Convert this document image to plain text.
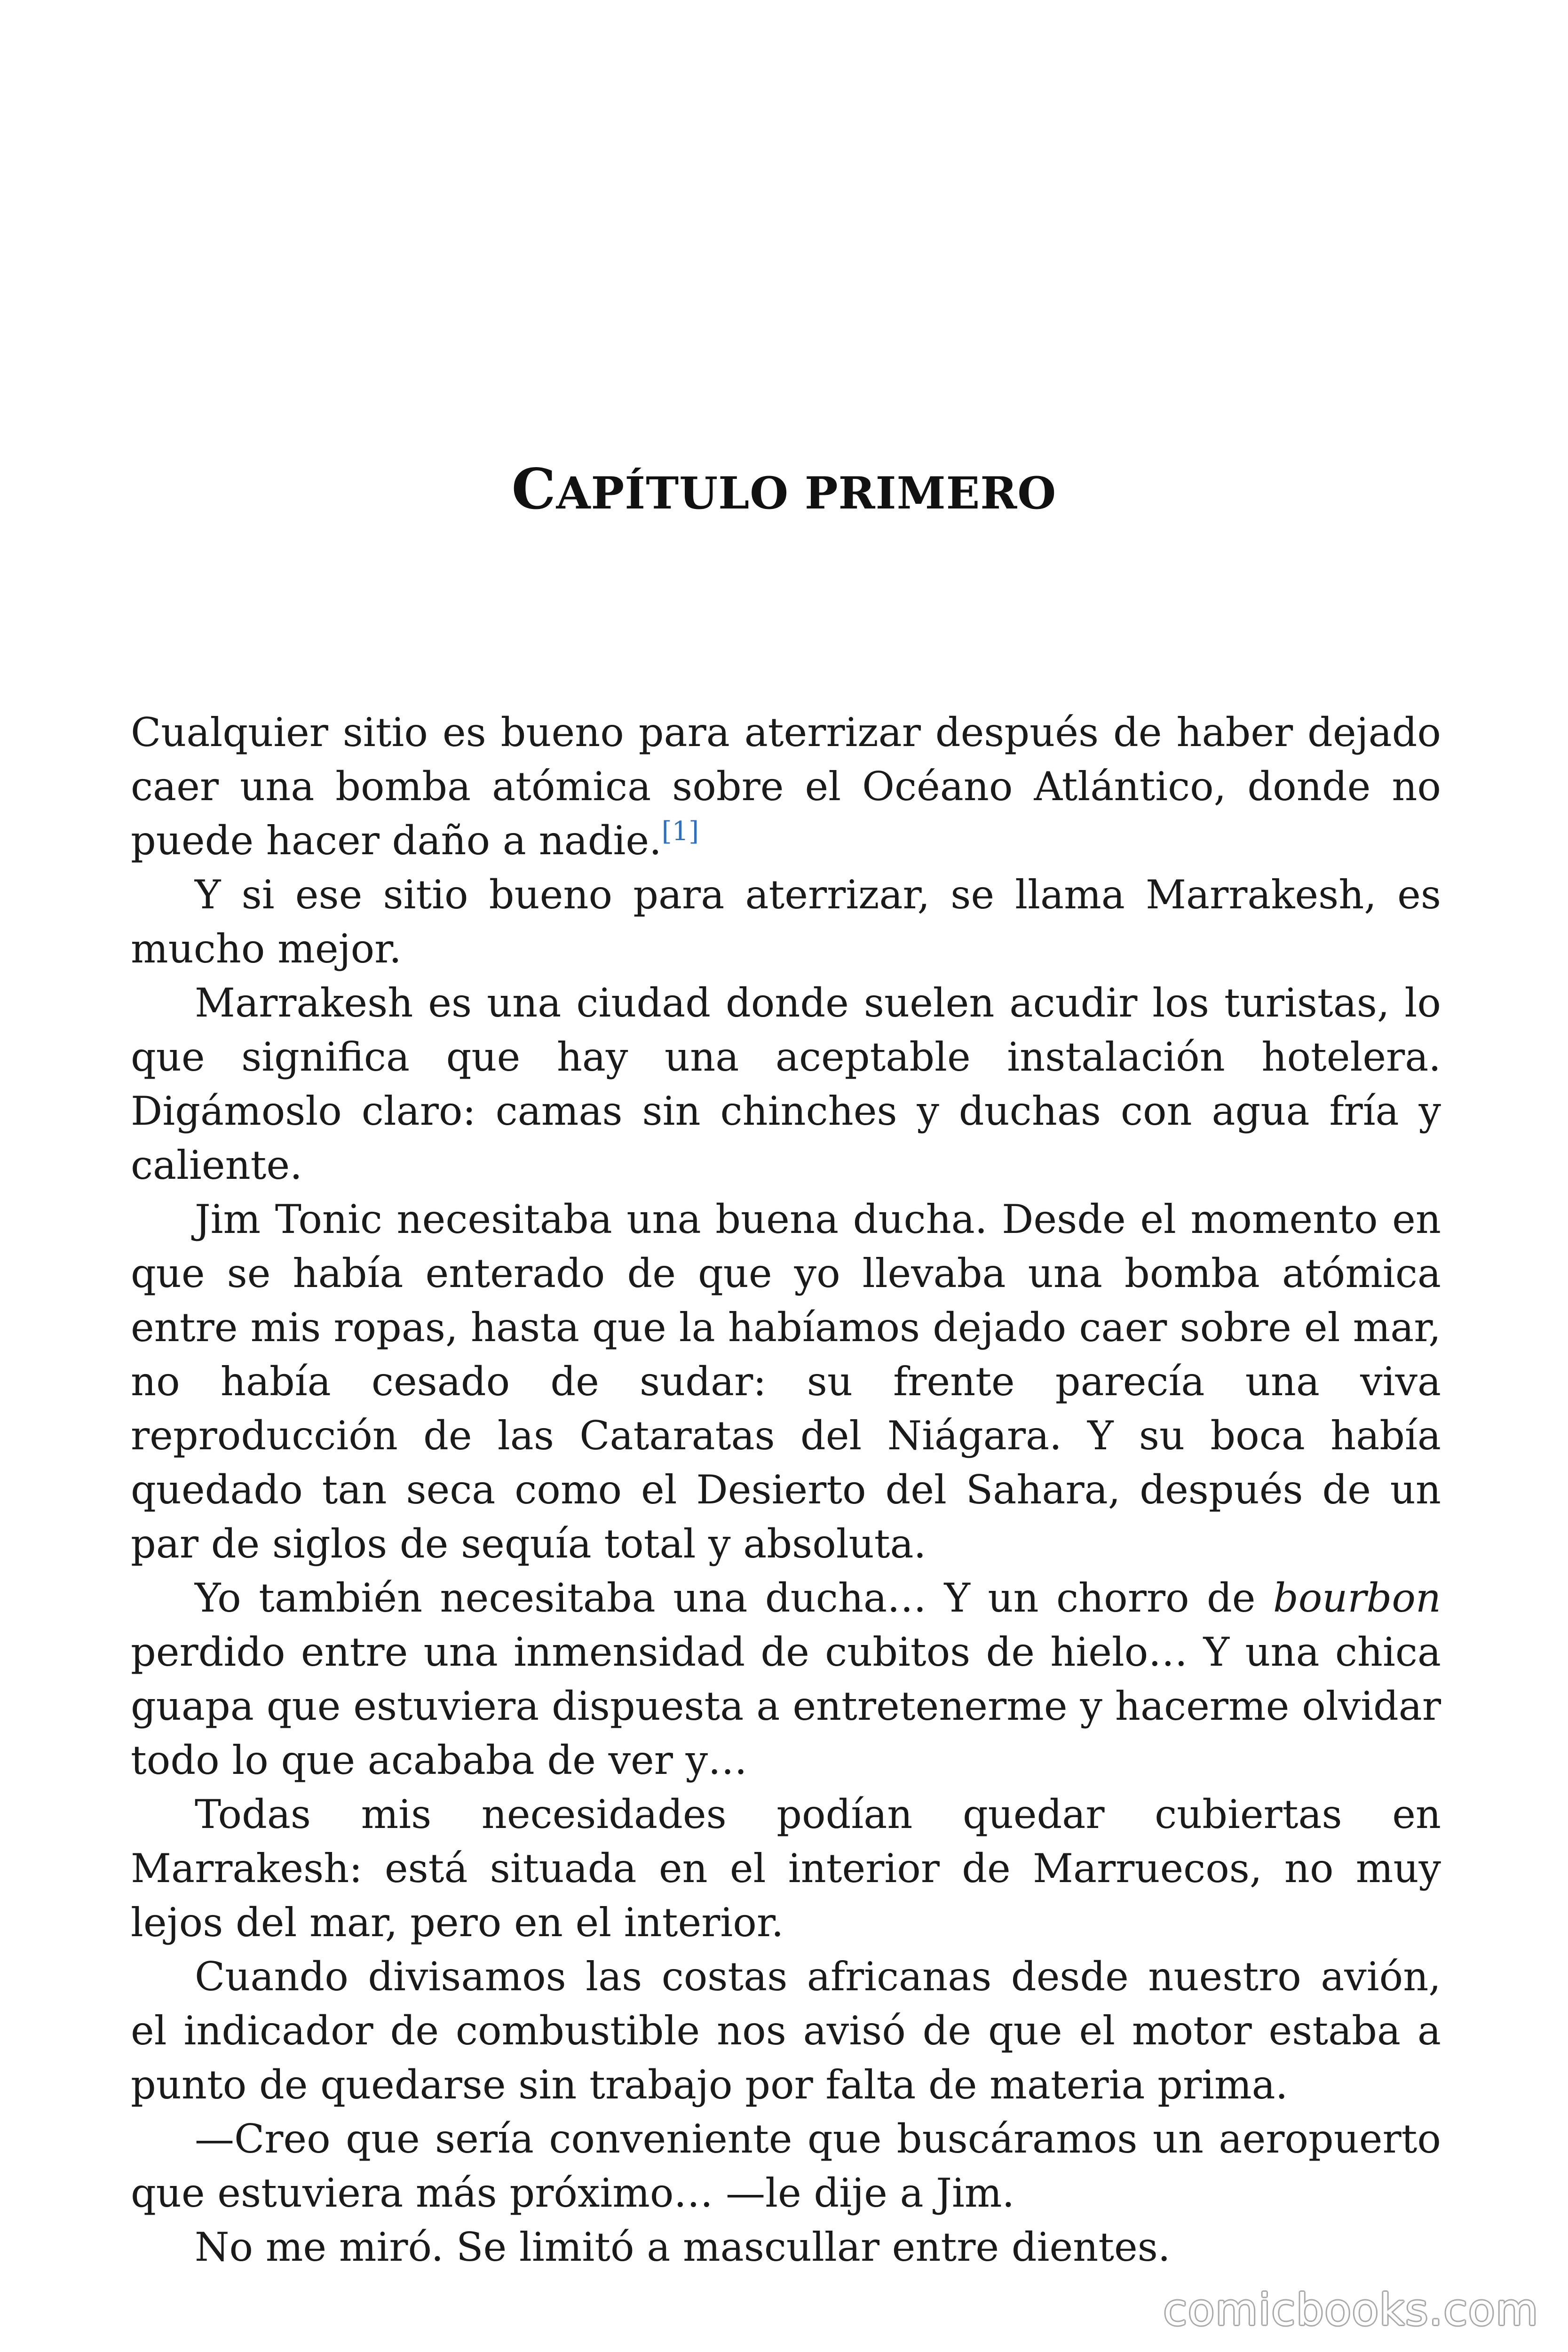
CAPÍTULO PRIMERO

Cualquier sitio es bueno para aterrizar después de haber dejado caer una bomba atómica sobre el Océano Atlántico, donde no puede hacer daño a nadie.[1]

Y si ese sitio bueno para aterrizar, se llama Marrakesh, es mucho mejor.

Marrakesh es una ciudad donde suelen acudir los turistas, lo que significa que hay una aceptable instalación hotelera. Digámoslo claro: camas sin chinches y duchas con agua fría y caliente.

Jim Tonic necesitaba una buena ducha. Desde el momento en que se había enterado de que yo llevaba una bomba atómica entre mis ropas, hasta que la habíamos dejado caer sobre el mar, no había cesado de sudar: su frente parecía una viva reproducción de las Cataratas del Niágara. Y su boca había quedado tan seca como el Desierto del Sahara, después de un par de siglos de sequía total y absoluta.

Yo también necesitaba una ducha… Y un chorro de bourbon perdido entre una inmensidad de cubitos de hielo… Y una chica guapa que estuviera dispuesta a entretenerme y hacerme olvidar todo lo que acababa de ver y…

Todas mis necesidades podían quedar cubiertas en Marrakesh: está situada en el interior de Marruecos, no muy lejos del mar, pero en el interior.

Cuando divisamos las costas africanas desde nuestro avión, el indicador de combustible nos avisó de que el motor estaba a punto de quedarse sin trabajo por falta de materia prima.

—Creo que sería conveniente que buscáramos un aeropuerto que estuviera más próximo… —le dije a Jim.

No me miró. Se limitó a mascullar entre dientes.

comicbooks.com
